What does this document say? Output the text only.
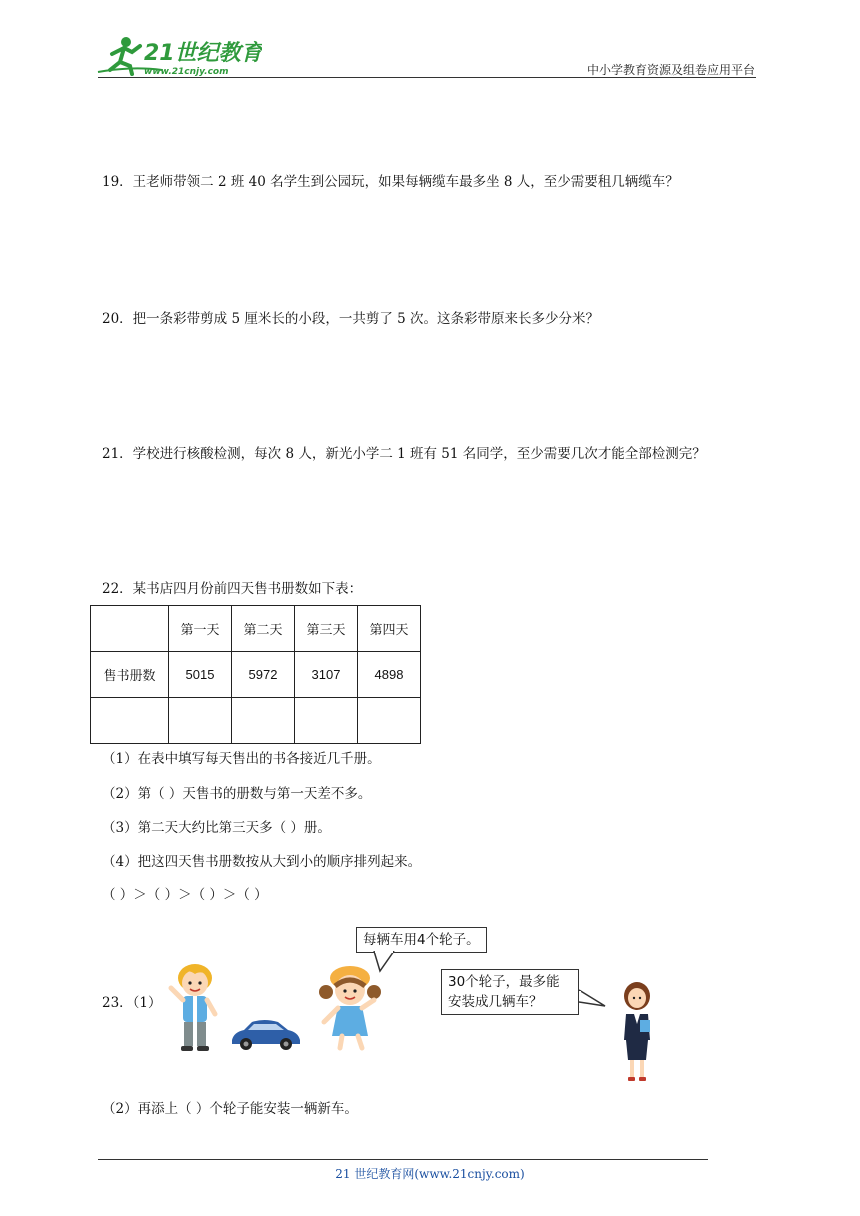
21世纪教育
www.21cnjy.com	中小学教育资源及组卷应用平台
19．王老师带领二 2 班 40 名学生到公园玩，如果每辆缆车最多坐 8 人，至少需要租几辆缆车？
20．把一条彩带剪成 5 厘米长的小段，一共剪了 5 次。这条彩带原来长多少分米？
21．学校进行核酸检测，每次 8 人，新光小学二 1 班有 51 名同学，至少需要几次才能全部检测完？
22．某书店四月份前四天售书册数如下表：
	第一天	第二天	第三天	第四天
售书册数	5015	5972	3107	4898

（1）在表中填写每天售出的书各接近几千册。
（2）第（ ）天售书的册数与第一天差不多。
（3）第二天大约比第三天多（ ）册。
（4）把这四天售书册数按从大到小的顺序排列起来。
（ ）＞（ ）＞（ ）＞（ ）
23．（1）
每辆车用4个轮子。
30个轮子，最多能
安装成几辆车？
（2）再添上（ ）个轮子能安装一辆新车。
21 世纪教育网(www.21cnjy.com)
